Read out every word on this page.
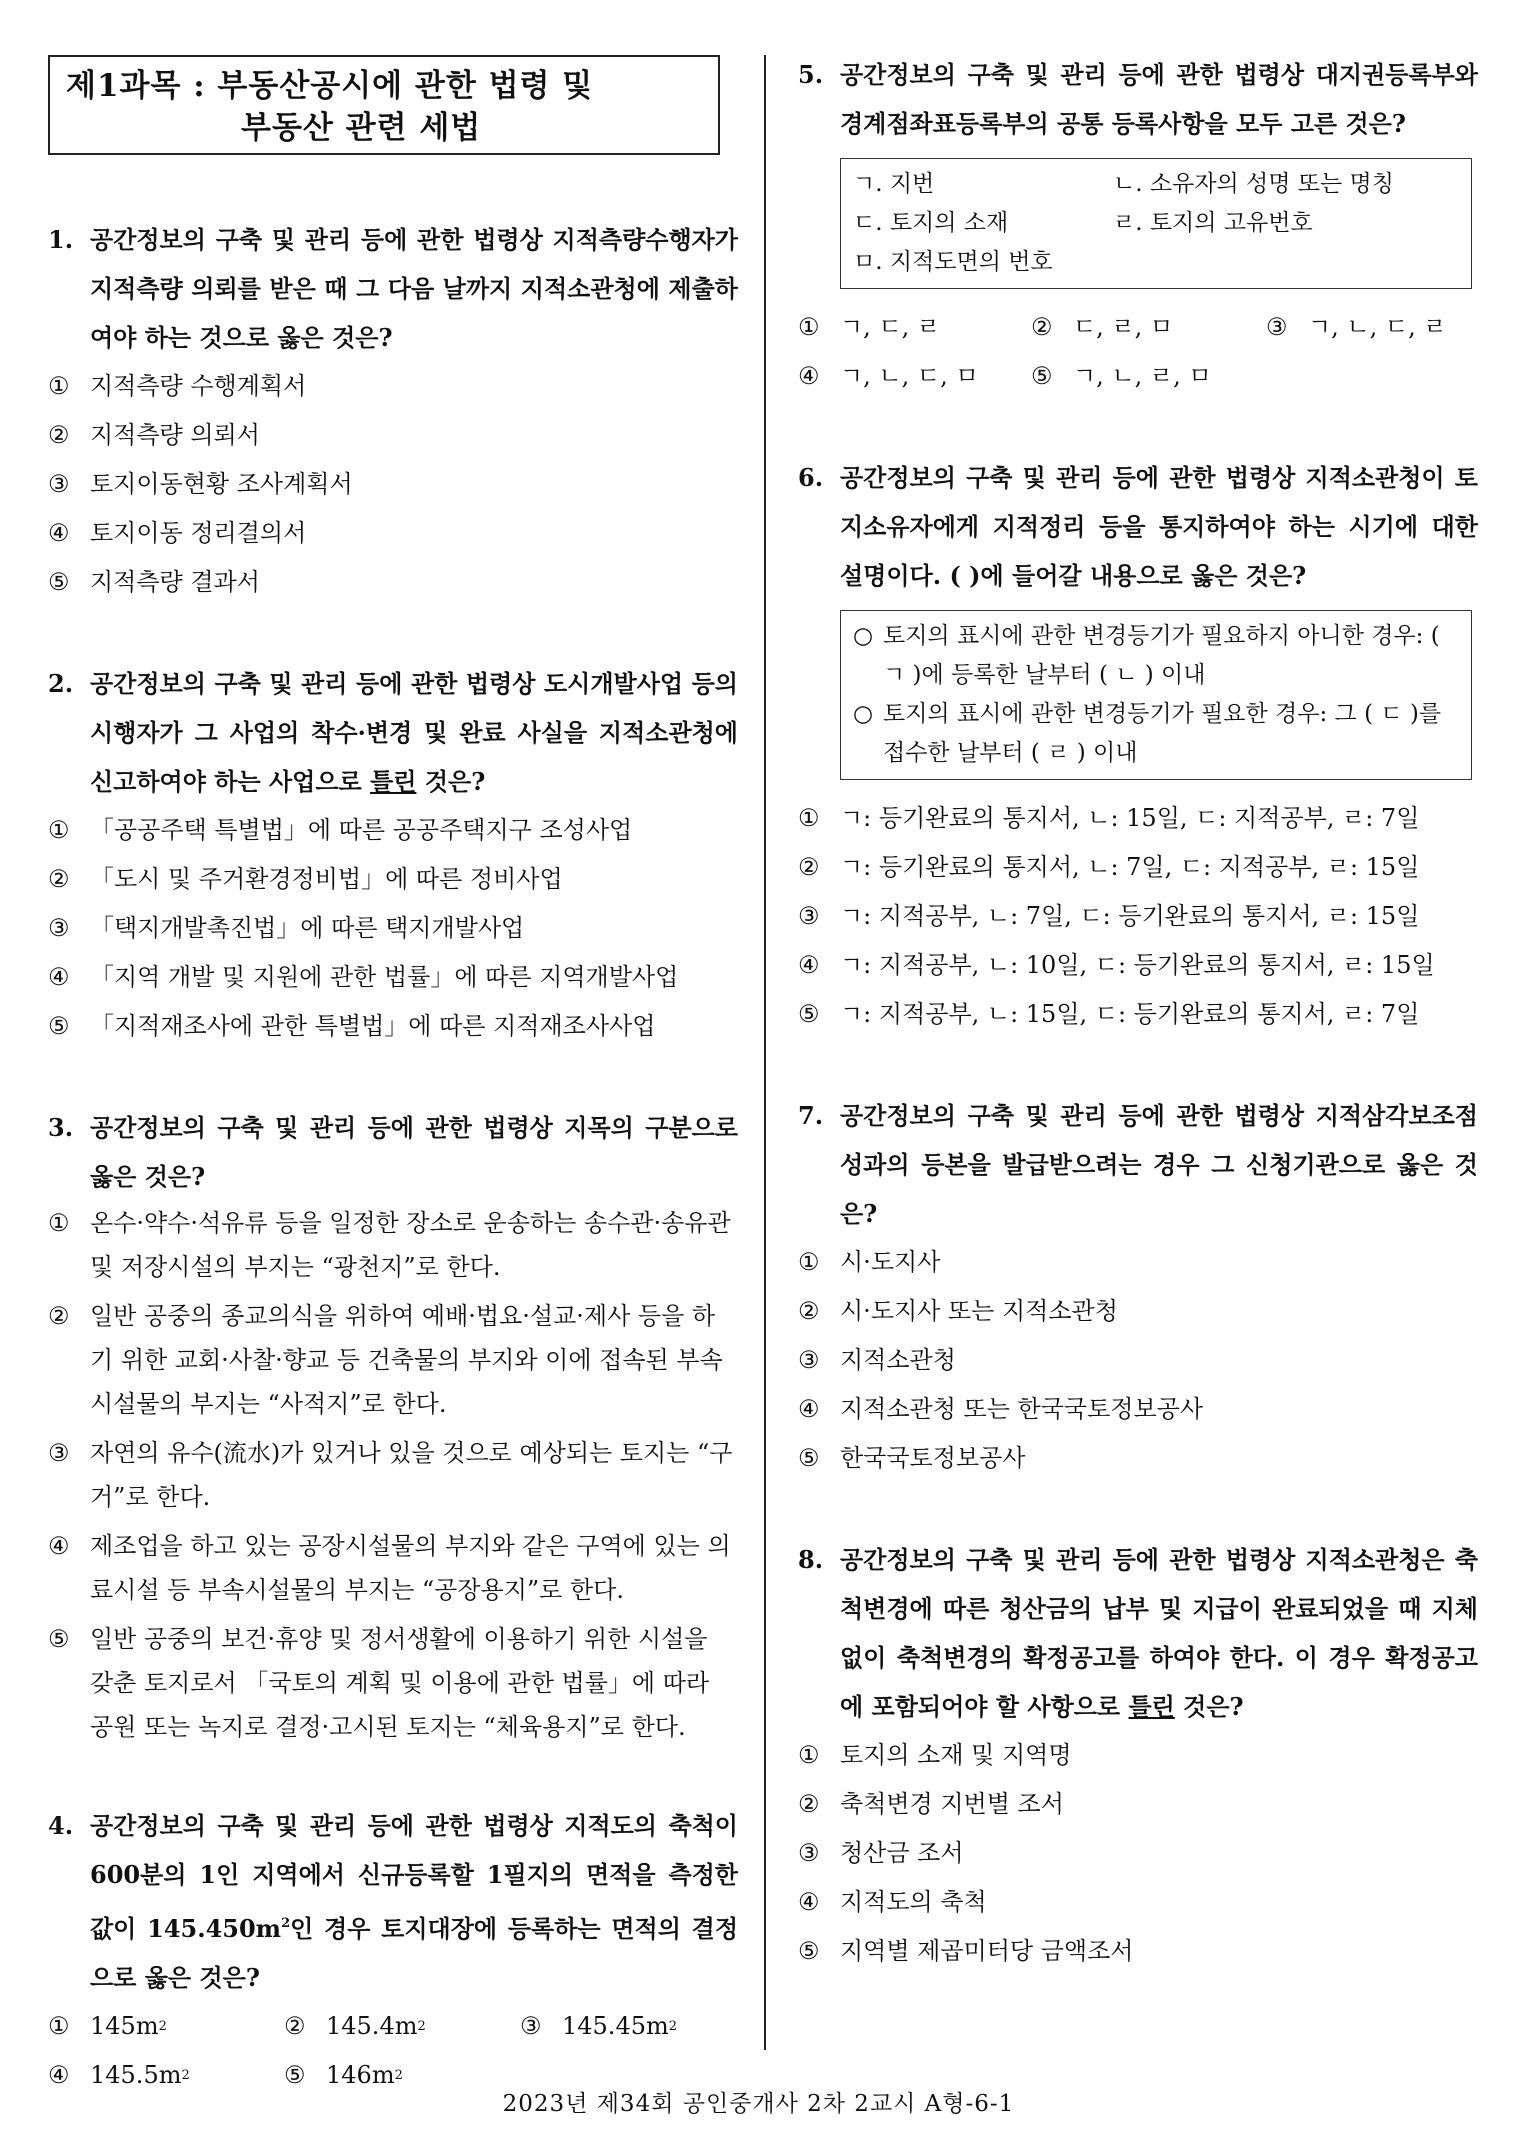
제1과목 : 부동산공시에 관한 법령 및
부동산 관련 세법
1. 공간정보의 구축 및 관리 등에 관한 법령상 지적측량수행자가 지적측량 의뢰를 받은 때 그 다음 날까지 지적소관청에 제출하여야 하는 것으로 옳은 것은?
① 지적측량 수행계획서
② 지적측량 의뢰서
③ 토지이동현황 조사계획서
④ 토지이동 정리결의서
⑤ 지적측량 결과서
2. 공간정보의 구축 및 관리 등에 관한 법령상 도시개발사업 등의 시행자가 그 사업의 착수·변경 및 완료 사실을 지적소관청에 신고하여야 하는 사업으로 틀린 것은?
① 「공공주택 특별법」에 따른 공공주택지구 조성사업
② 「도시 및 주거환경정비법」에 따른 정비사업
③ 「택지개발촉진법」에 따른 택지개발사업
④ 「지역 개발 및 지원에 관한 법률」에 따른 지역개발사업
⑤ 「지적재조사에 관한 특별법」에 따른 지적재조사사업
3. 공간정보의 구축 및 관리 등에 관한 법령상 지목의 구분으로 옳은 것은?
① 온수·약수·석유류 등을 일정한 장소로 운송하는 송수관·송유관 및 저장시설의 부지는 “광천지”로 한다.
② 일반 공중의 종교의식을 위하여 예배·법요·설교·제사 등을 하기 위한 교회·사찰·향교 등 건축물의 부지와 이에 접속된 부속시설물의 부지는 “사적지”로 한다.
③ 자연의 유수(流水)가 있거나 있을 것으로 예상되는 토지는 “구거”로 한다.
④ 제조업을 하고 있는 공장시설물의 부지와 같은 구역에 있는 의료시설 등 부속시설물의 부지는 “공장용지”로 한다.
⑤ 일반 공중의 보건·휴양 및 정서생활에 이용하기 위한 시설을 갖춘 토지로서 「국토의 계획 및 이용에 관한 법률」에 따라 공원 또는 녹지로 결정·고시된 토지는 “체육용지”로 한다.
4. 공간정보의 구축 및 관리 등에 관한 법령상 지적도의 축척이 600분의 1인 지역에서 신규등록할 1필지의 면적을 측정한 값이 $145.450m^2$인 경우 토지대장에 등록하는 면적의 결정으로 옳은 것은?
① 145 m 2	② 145.4 m 2	③ 145.45 m 2
④ 145.5 m 2	⑤ 146 m 2
5. 공간정보의 구축 및 관리 등에 관한 법령상 대지권등록부와 경계점좌표등록부의 공통 등록사항을 모두 고른 것은?
ㄱ. 지번	ㄴ. 소유자의 성명 또는 명칭
ㄷ. 토지의 소재	ㄹ. 토지의 고유번호
ㅁ. 지적도면의 번호
① ㄱ, ㄷ, ㄹ	② ㄷ, ㄹ, ㅁ	③ ㄱ, ㄴ, ㄷ, ㄹ
④ ㄱ, ㄴ, ㄷ, ㅁ ⑤ ㄱ, ㄴ, ㄹ, ㅁ
6. 공간정보의 구축 및 관리 등에 관한 법령상 지적소관청이 토지소유자에게 지적정리 등을 통지하여야 하는 시기에 대한 설명이다. ( )에 들어갈 내용으로 옳은 것은?
○ 토지의 표시에 관한 변경등기가 필요하지 아니한 경우: ( ㄱ )에 등록한 날부터 ( ㄴ ) 이내
○ 토지의 표시에 관한 변경등기가 필요한 경우: 그 ( ㄷ )를 접수한 날부터 ( ㄹ ) 이내
① ㄱ: 등기완료의 통지서, ㄴ: 15일, ㄷ: 지적공부, ㄹ: 7일
② ㄱ: 등기완료의 통지서, ㄴ: 7일, ㄷ: 지적공부, ㄹ: 15일
③ ㄱ: 지적공부, ㄴ: 7일, ㄷ: 등기완료의 통지서, ㄹ: 15일
④ ㄱ: 지적공부, ㄴ: 10일, ㄷ: 등기완료의 통지서, ㄹ: 15일
⑤ ㄱ: 지적공부, ㄴ: 15일, ㄷ: 등기완료의 통지서, ㄹ: 7일
7. 공간정보의 구축 및 관리 등에 관한 법령상 지적삼각보조점성과의 등본을 발급받으려는 경우 그 신청기관으로 옳은 것은?
① 시·도지사
② 시·도지사 또는 지적소관청
③ 지적소관청
④ 지적소관청 또는 한국국토정보공사
⑤ 한국국토정보공사
8. 공간정보의 구축 및 관리 등에 관한 법령상 지적소관청은 축척변경에 따른 청산금의 납부 및 지급이 완료되었을 때 지체 없이 축척변경의 확정공고를 하여야 한다. 이 경우 확정공고에 포함되어야 할 사항으로 틀린 것은?
① 토지의 소재 및 지역명
② 축척변경 지번별 조서
③ 청산금 조서
④ 지적도의 축척
⑤ 지역별 제곱미터당 금액조서
2023년 제34회 공인중개사 2차 2교시 A형-6-1
